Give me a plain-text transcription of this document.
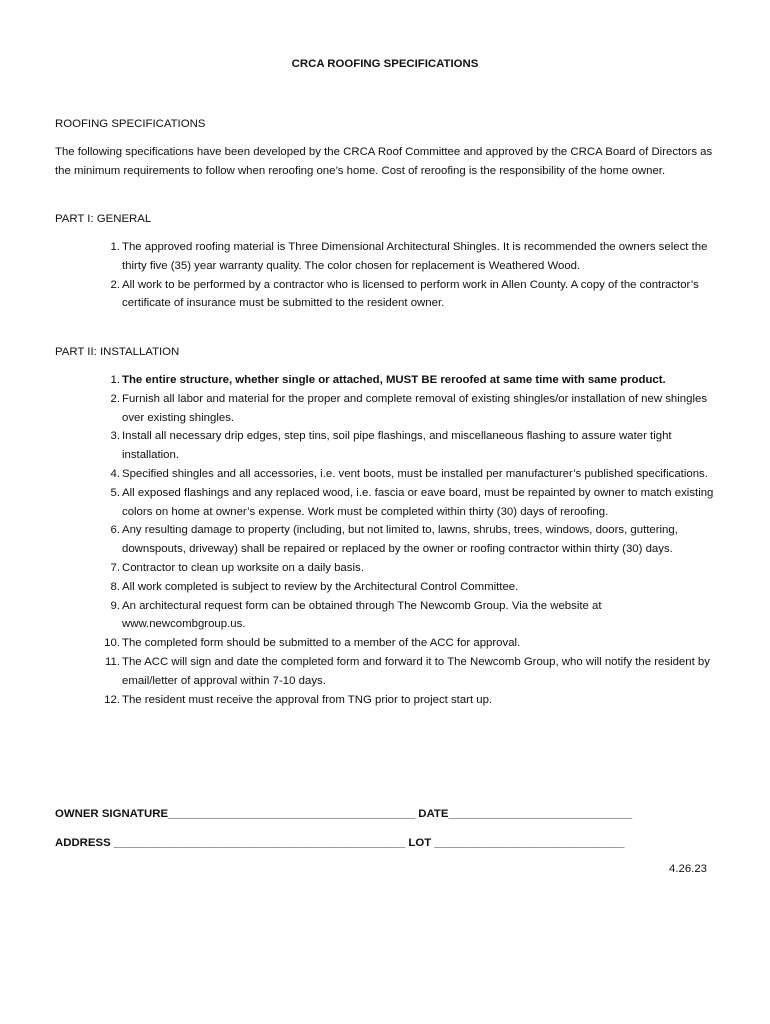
CRCA ROOFING SPECIFICATIONS
ROOFING SPECIFICATIONS
The following specifications have been developed by the CRCA Roof Committee and approved by the CRCA Board of Directors as the minimum requirements to follow when reroofing one’s home. Cost of reroofing is the responsibility of the home owner.
PART I: GENERAL
1. The approved roofing material is Three Dimensional Architectural Shingles. It is recommended the owners select the thirty five (35) year warranty quality. The color chosen for replacement is Weathered Wood.
2. All work to be performed by a contractor who is licensed to perform work in Allen County. A copy of the contractor’s certificate of insurance must be submitted to the resident owner.
PART II: INSTALLATION
1. The entire structure, whether single or attached, MUST BE reroofed at same time with same product.
2. Furnish all labor and material for the proper and complete removal of existing shingles/or installation of new shingles over existing shingles.
3. Install all necessary drip edges, step tins, soil pipe flashings, and miscellaneous flashing to assure water tight installation.
4. Specified shingles and all accessories, i.e. vent boots, must be installed per manufacturer’s published specifications.
5. All exposed flashings and any replaced wood, i.e. fascia or eave board, must be repainted by owner to match existing colors on home at owner’s expense. Work must be completed within thirty (30) days of reroofing.
6. Any resulting damage to property (including, but not limited to, lawns, shrubs, trees, windows, doors, guttering, downspouts, driveway) shall be repaired or replaced by the owner or roofing contractor within thirty (30) days.
7. Contractor to clean up worksite on a daily basis.
8. All work completed is subject to review by the Architectural Control Committee.
9. An architectural request form can be obtained through The Newcomb Group. Via the website at www.newcombgroup.us.
10. The completed form should be submitted to a member of the ACC for approval.
11. The ACC will sign and date the completed form and forward it to The Newcomb Group, who will notify the resident by email/letter of approval within 7-10 days.
12. The resident must receive the approval from TNG prior to project start up.
OWNER SIGNATURE_______________________________________ DATE_____________________________
ADDRESS ______________________________________________ LOT ______________________________
4.26.23
